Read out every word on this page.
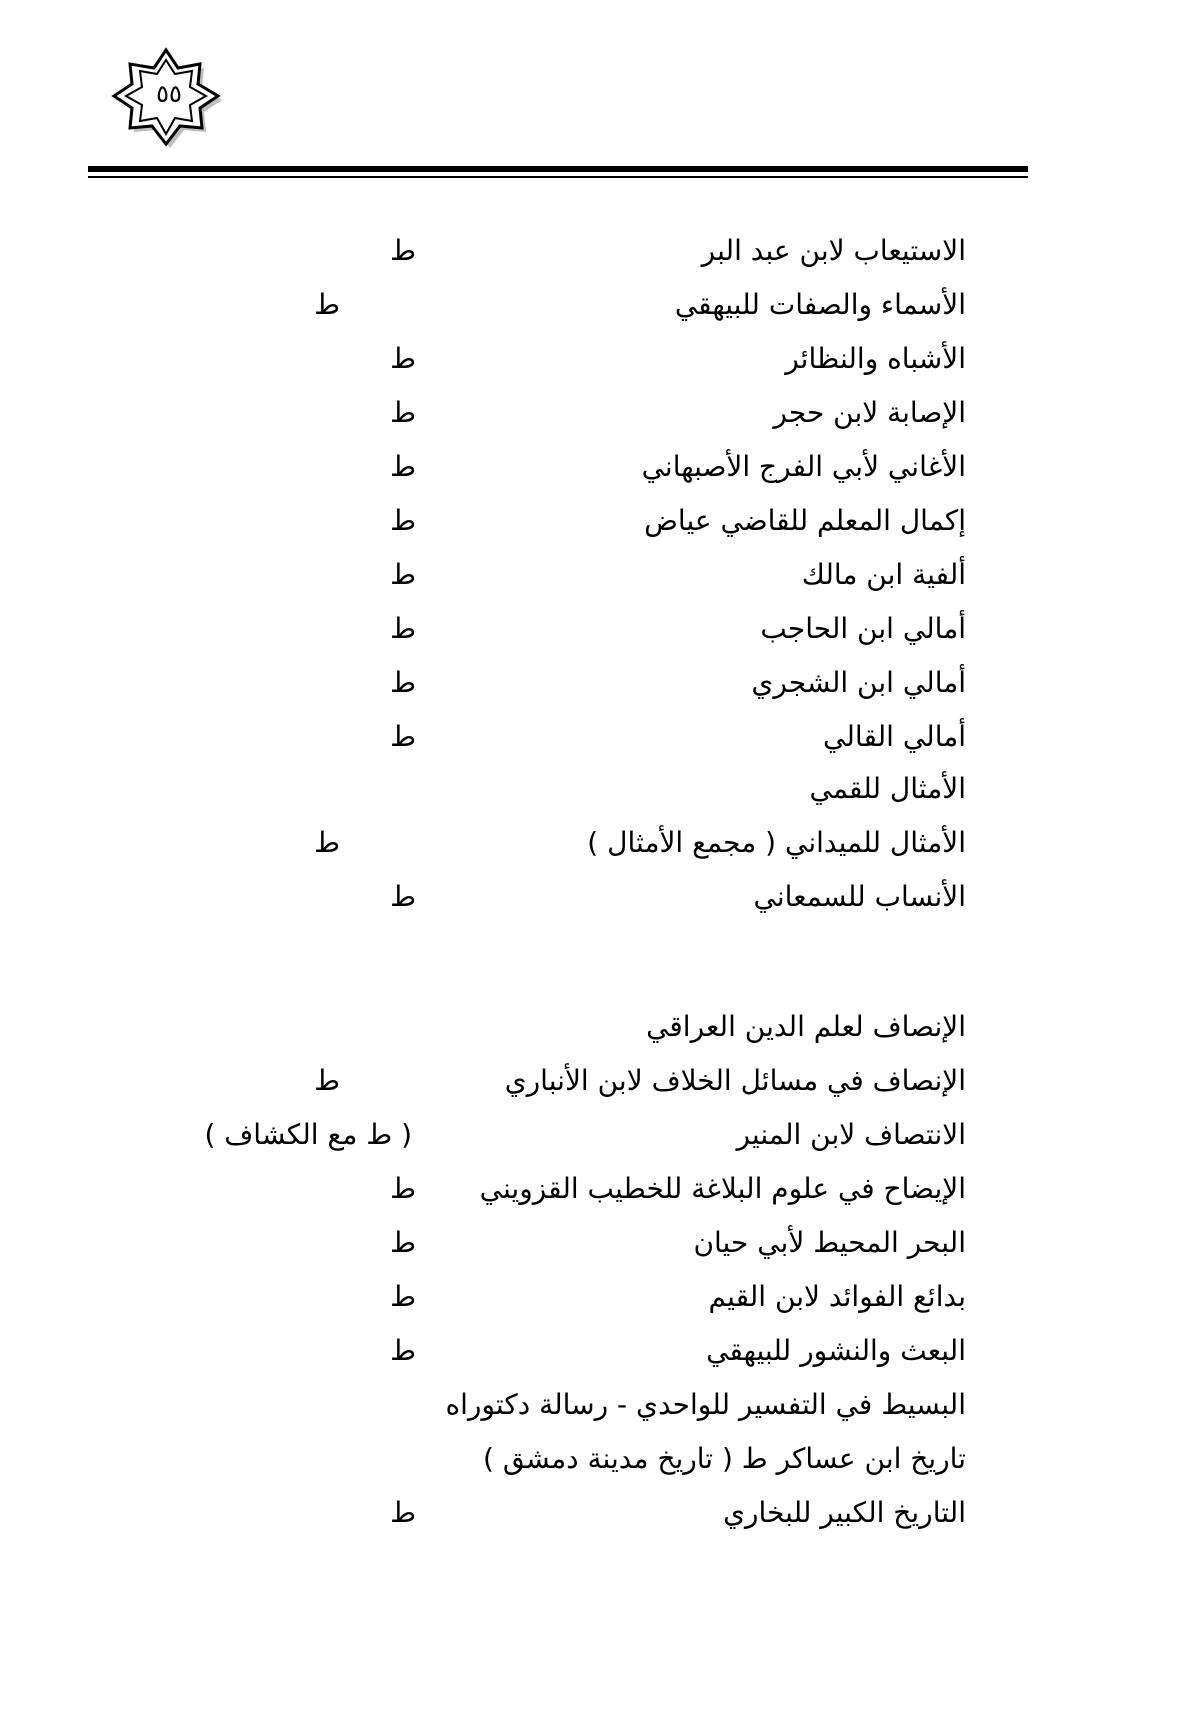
٥٥
الاستيعاب لابن عبد البر
ط
الأسماء والصفات للبيهقي
ط
الأشباه والنظائر
ط
الإصابة لابن حجر
ط
الأغاني لأبي الفرج الأصبهاني
ط
إكمال المعلم للقاضي عياض
ط
ألفية ابن مالك
ط
أمالي ابن الحاجب
ط
أمالي ابن الشجري
ط
أمالي القالي
ط
الأمثال للقمي
الأمثال للميداني ( مجمع الأمثال )
ط
الأنساب للسمعاني
ط
الإنصاف لعلم الدين العراقي
الإنصاف في مسائل الخلاف لابن الأنباري
ط
الانتصاف لابن المنير
( ط مع الكشاف )
الإيضاح في علوم البلاغة للخطيب القزويني
ط
البحر المحيط لأبي حيان
ط
بدائع الفوائد لابن القيم
ط
البعث والنشور للبيهقي
ط
البسيط في التفسير للواحدي - رسالة دكتوراه
تاريخ ابن عساكر ط ( تاريخ مدينة دمشق )
التاريخ الكبير للبخاري
ط
